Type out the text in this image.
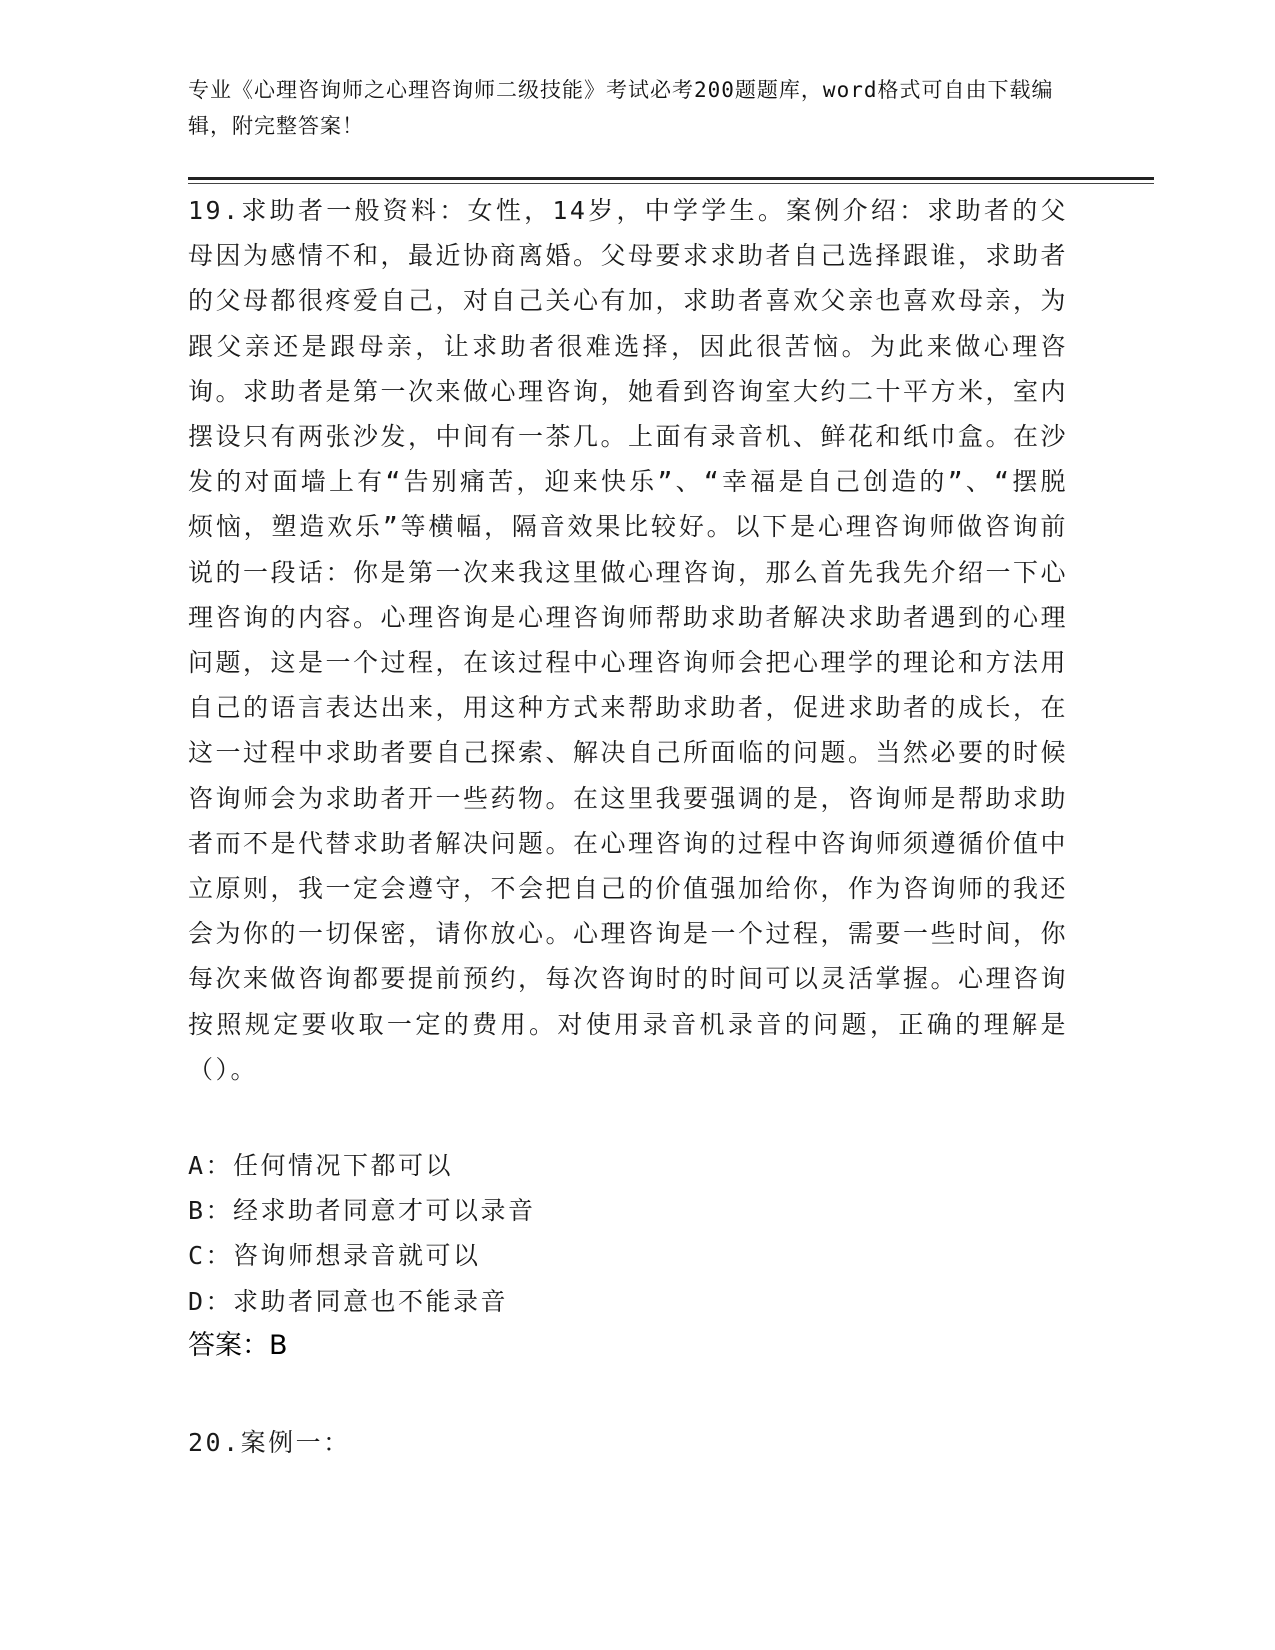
专业《心理咨询师之心理咨询师二级技能》考试必考200题题库，word格式可自由下载编辑，附完整答案！
19.求助者一般资料：女性，14岁，中学学生。案例介绍：求助者的父母因为感情不和，最近协商离婚。父母要求求助者自己选择跟谁，求助者的父母都很疼爱自己，对自己关心有加，求助者喜欢父亲也喜欢母亲，为跟父亲还是跟母亲，让求助者很难选择，因此很苦恼。为此来做心理咨询。求助者是第一次来做心理咨询，她看到咨询室大约二十平方米，室内摆设只有两张沙发，中间有一茶几。上面有录音机、鲜花和纸巾盒。在沙发的对面墙上有“告别痛苦，迎来快乐”、“幸福是自己创造的”、“摆脱烦恼，塑造欢乐”等横幅，隔音效果比较好。以下是心理咨询师做咨询前说的一段话：你是第一次来我这里做心理咨询，那么首先我先介绍一下心理咨询的内容。心理咨询是心理咨询师帮助求助者解决求助者遇到的心理问题，这是一个过程，在该过程中心理咨询师会把心理学的理论和方法用自己的语言表达出来，用这种方式来帮助求助者，促进求助者的成长，在这一过程中求助者要自己探索、解决自己所面临的问题。当然必要的时候咨询师会为求助者开一些药物。在这里我要强调的是，咨询师是帮助求助者而不是代替求助者解决问题。在心理咨询的过程中咨询师须遵循价值中立原则，我一定会遵守，不会把自己的价值强加给你，作为咨询师的我还会为你的一切保密，请你放心。心理咨询是一个过程，需要一些时间，你每次来做咨询都要提前预约，每次咨询时的时间可以灵活掌握。心理咨询按照规定要收取一定的费用。对使用录音机录音的问题，正确的理解是（）。
A：任何情况下都可以
B：经求助者同意才可以录音
C：咨询师想录音就可以
D：求助者同意也不能录音
答案：B
20.案例一：
